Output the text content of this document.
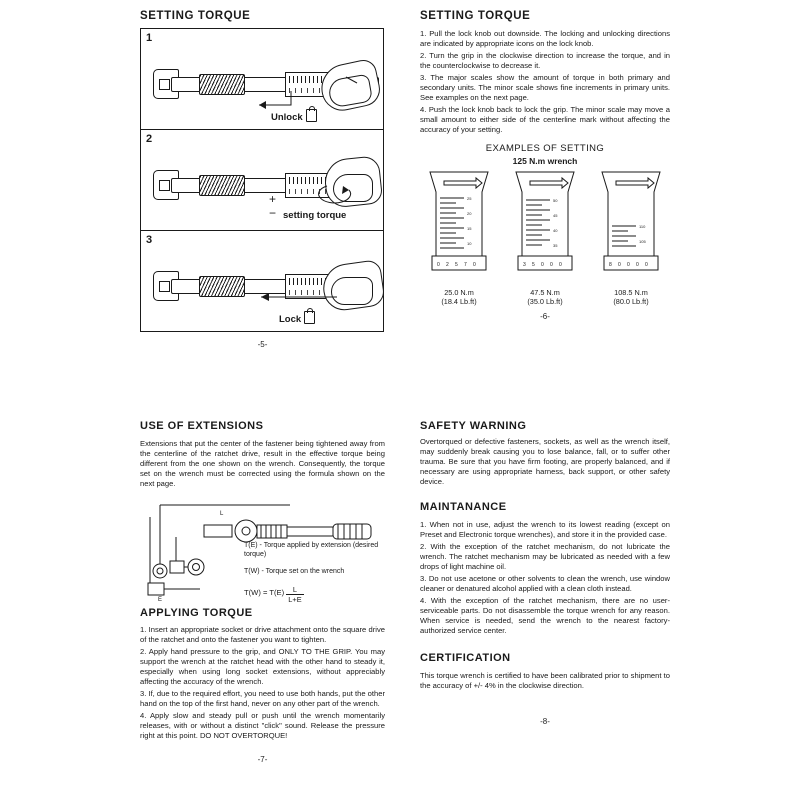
SETTING TORQUE
1
Unlock
2
+
− setting torque
3
Lock
-5-
SETTING TORQUE
1. Pull the lock knob out downside. The locking and unlocking directions are indicated by appropriate icons on the lock knob.
2. Turn the grip in the clockwise direction to increase the torque, and in the counterclockwise to decrease it.
3. The major scales show the amount of torque in both primary and secondary units. The minor scale shows fine increments in primary units. See examples on the next page.
4. Push the lock knob back to lock the grip. The minor scale may move a small amount to either side of the centerline mark without affecting the accuracy of your setting.
EXAMPLES OF SETTING
125 N.m wrench
25
20
15
10
0 2 5 7 0
25.0 N.m
(18.4 Lb.ft)
50
45
40
35
3 5 0 0 0
47.5 N.m
(35.0 Lb.ft)
110
105
8 0 0 0 0
108.5 N.m
(80.0 Lb.ft)
-6-
USE OF EXTENSIONS
Extensions that put the center of the fastener being tightened away from the centerline of the ratchet drive, result in the effective torque being different from the one shown on the wrench. Consequently, the torque set on the wrench must be corrected using the formula shown on the next page.
E
L
T(E) - Torque applied by extension (desired torque)
T(W) - Torque set on the wrench
$T(W) = T(E) \frac{L}{L+E}$
APPLYING TORQUE
1. Insert an appropriate socket or drive attachment onto the square drive of the ratchet and onto the fastener you want to tighten.
2. Apply hand pressure to the grip, and ONLY TO THE GRIP. You may support the wrench at the ratchet head with the other hand to steady it, especially when using long socket extensions, without appreciably affecting the accuracy of the wrench.
3. If, due to the required effort, you need to use both hands, put the other hand on the top of the first hand, never on any other part of the wrench.
4. Apply slow and steady pull or push until the wrench momentarily releases, with or without a distinct "click" sound. Release the pressure right at this point. DO NOT OVERTORQUE!
-7-
SAFETY WARNING
Overtorqued or defective fasteners, sockets, as well as the wrench itself, may suddenly break causing you to lose balance, fall, or to suffer other trauma. Be sure that you have firm footing, are properly balanced, and if necessary are using appropriate harness, back support, or other safety device.
MAINTANANCE
1. When not in use, adjust the wrench to its lowest reading (except on Preset and Electronic torque wrenches), and store it in the provided case.
2. With the exception of the ratchet mechanism, do not lubricate the wrench. The ratchet mechanism may be lubricated as needed with a few drops of light machine oil.
3. Do not use acetone or other solvents to clean the wrench, use window cleaner or denatured alcohol applied with a clean cloth instead.
4. With the exception of the ratchet mechanism, there are no user-serviceable parts. Do not disassemble the torque wrench for any reason. When service is needed, send the wrench to the nearest factory-authorized service center.
CERTIFICATION
This torque wrench is certified to have been calibrated prior to shipment to the accuracy of +/- 4% in the clockwise direction.
-8-
